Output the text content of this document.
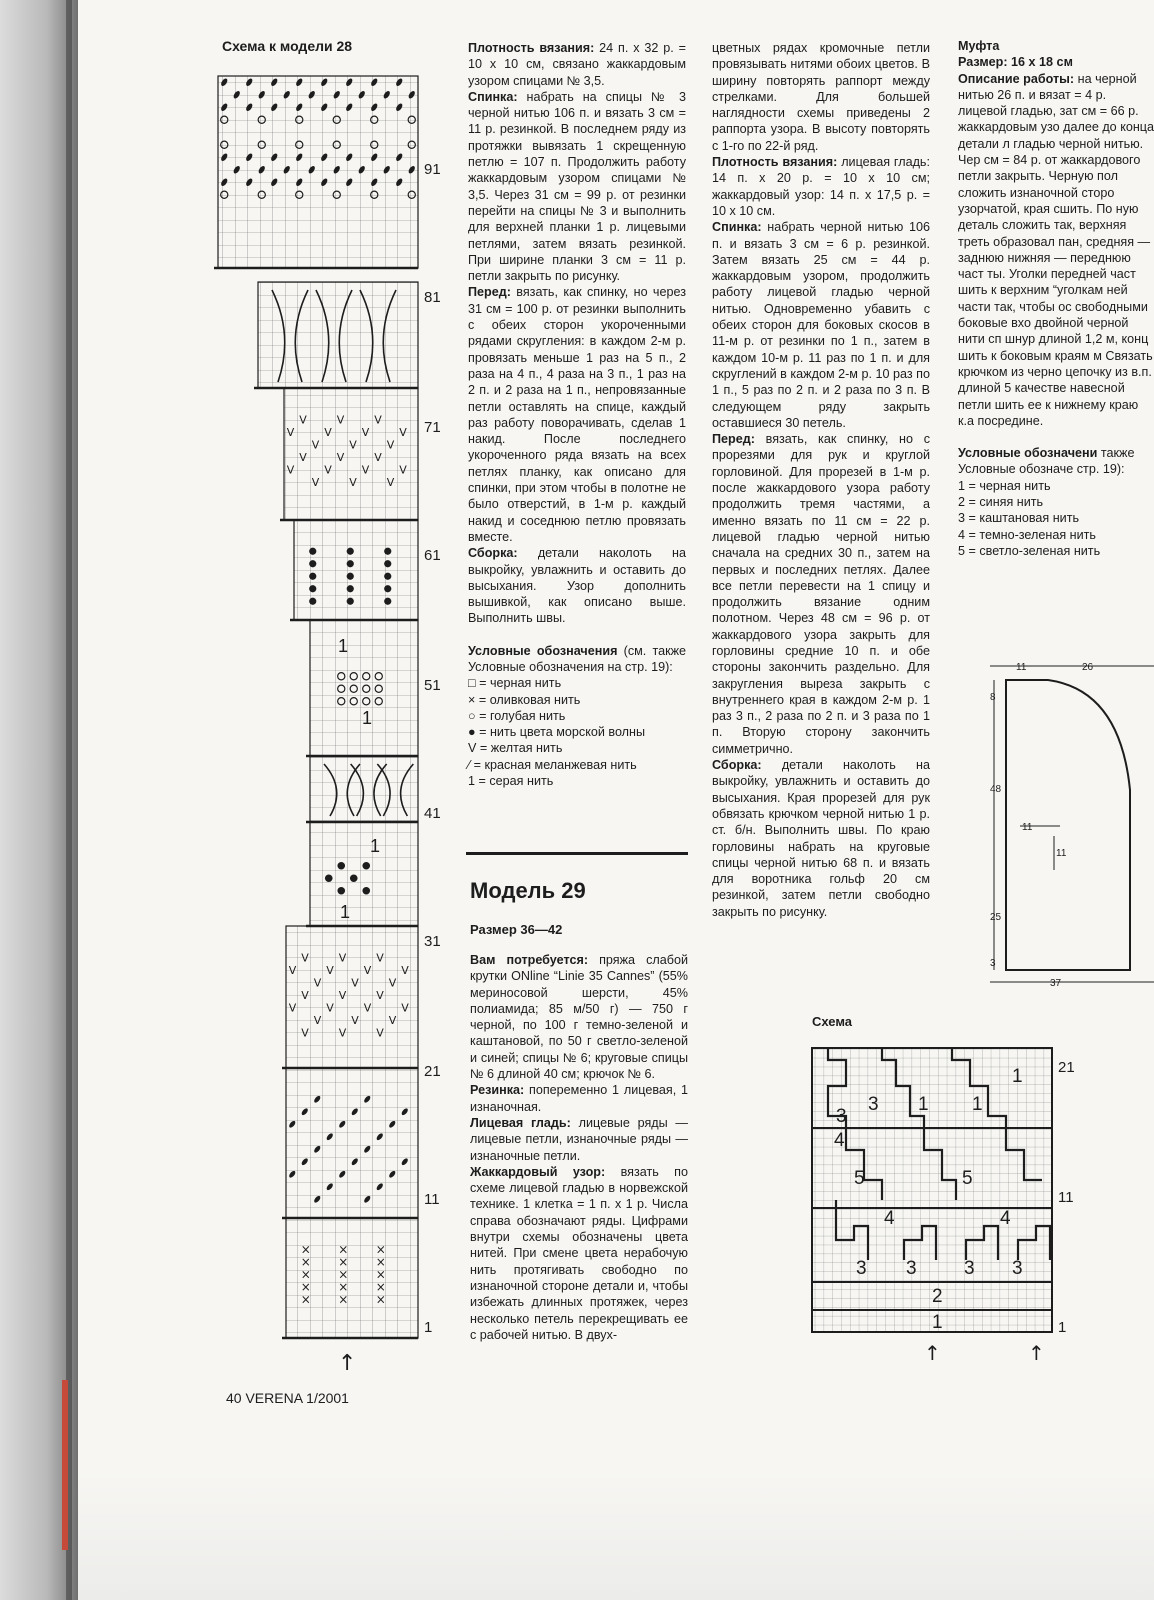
Схема к модели 28
V	V	V
V	V	V	V
V	V	V
V	V	V
V	V	V	V
V	V	V
V	V	V
V	V	V	V
V	V	V
V	V	V
V	V	V	V
V	V	V
V	V	V
× × ×
× × ×
× × ×
× × ×
× × ×
↑
91
81
71
61
51
41
31
21
11
1
1
1
1
1
40 VERENA 1/2001

Плотность вязания: 24 п. х 32 р. = 10 х 10 см, связано жаккардовым узором спицами № 3,5.

Спинка: набрать на спицы № 3 черной нитью 106 п. и вязать 3 см = 11 р. резинкой. В последнем ряду из протяжки вывязать 1 скрещенную петлю = 107 п. Продолжить работу жаккардовым узором спицами № 3,5. Через 31 см = 99 р. от резинки перейти на спицы № 3 и выполнить для верхней планки 1 р. лицевыми петлями, затем вязать резинкой. При ширине планки 3 см = 11 р. петли закрыть по рисунку.

Перед: вязать, как спинку, но через 31 см = 100 р. от резинки выполнить с обеих сторон укороченными рядами скругления: в каждом 2-м р. провязать меньше 1 раз на 5 п., 2 раза на 4 п., 4 раза на 3 п., 1 раз на 2 п. и 2 раза на 1 п., непровязанные петли оставлять на спице, каждый раз работу поворачивать, сделав 1 накид. После последнего укороченного ряда вязать на всех петлях планку, как описано для спинки, при этом чтобы в полотне не было отверстий, в 1-м р. каждый накид и соседнюю петлю провязать вместе.

Сборка: детали наколоть на выкройку, увлажнить и оставить до высыхания. Узор дополнить вышивкой, как описано выше. Выполнить швы.

Условные обозначения (см. также Условные обозначения на стр. 19):

□ = черная нить

× = оливковая нить

○ = голубая нить

● = нить цвета морской волны

V = желтая нить

⁄ = красная меланжевая нить

1 = серая нить

Модель 29
Размер 36—42

Вам потребуется: пряжа слабой крутки ONline “Linie 35 Cannes” (55% мериносовой шерсти, 45% полиамида; 85 м/50 г) — 750 г черной, по 100 г темно-зеленой и каштановой, по 50 г светло-зеленой и синей; спицы № 6; круговые спицы № 6 длиной 40 см; крючок № 6.

Резинка: попеременно 1 лицевая, 1 изнаночная.

Лицевая гладь: лицевые ряды — лицевые петли, изнаночные ряды — изнаночные петли.

Жаккардовый узор: вязать по схеме лицевой гладью в норвежской технике. 1 клетка = 1 п. х 1 р. Числа справа обозначают ряды. Цифрами внутри схемы обозначены цвета нитей. При смене цвета нерабочую нить протягивать свободно по изнаночной стороне детали и, чтобы избежать длинных протяжек, через несколько петель перекрещивать ее с рабочей нитью. В двух-

цветных рядах кромочные петли провязывать нитями обоих цветов. В ширину повторять раппорт между стрелками. Для большей наглядности схемы приведены 2 раппорта узора. В высоту повторять с 1-го по 22-й ряд.

Плотность вязания: лицевая гладь: 14 п. х 20 р. = 10 х 10 см; жаккардовый узор: 14 п. х 17,5 р. = 10 х 10 см.

Спинка: набрать черной нитью 106 п. и вязать 3 см = 6 р. резинкой. Затем вязать 25 см = 44 р. жаккардовым узором, продолжить работу лицевой гладью черной нитью. Одновременно убавить с обеих сторон для боковых скосов в 11-м р. от резинки по 1 п., затем в каждом 10-м р. 11 раз по 1 п. и для скруглений в каждом 2-м р. 10 раз по 1 п., 5 раз по 2 п. и 2 раза по 3 п. В следующем ряду закрыть оставшиеся 30 петель.

Перед: вязать, как спинку, но с прорезями для рук и круглой горловиной. Для прорезей в 1-м р. после жаккардового узора работу продолжить тремя частями, а именно вязать по 11 см = 22 р. лицевой гладью черной нитью сначала на средних 30 п., затем на первых и последних петлях. Далее все петли перевести на 1 спицу и продолжить вязание одним полотном. Через 48 см = 96 р. от жаккардового узора закрыть для горловины средние 10 п. и обе стороны закончить раздельно. Для закругления выреза закрыть с внутреннего края в каждом 2-м р. 1 раз 3 п., 2 раза по 2 п. и 3 раза по 1 п. Вторую сторону закончить симметрично.

Сборка: детали наколоть на выкройку, увлажнить и оставить до высыхания. Края прорезей для рук обвязать крючком черной нитью 1 р. ст. б/н. Выполнить швы. По краю горловины набрать на круговые спицы черной нитью 68 п. и вязать для воротника гольф 20 см резинкой, затем петли свободно закрыть по рисунку.

Муфта

Размер: 16 х 18 см

Описание работы: на черной нитью 26 п. и вязат = 4 р. лицевой гладью, зат см = 66 р. жаккардовым узо далее до конца детали л гладью черной нитью. Чер см = 84 р. от жаккардового петли закрыть. Черную пол сложить изнаночной сторо узорчатой, края сшить. По ную деталь сложить так, верхняя треть образовал пан, средняя — заднюю нижняя — переднюю част ты. Уголки передней част шить к верхним “уголкам ней части так, чтобы ос свободными боковые вхо двойной черной нити сп шнур длиной 1,2 м, конц шить к боковым краям м Связать крючком из черно цепочку из в.п. длиной 5 качестве навесной петли шить ее к нижнему краю к.а посредине.

Условные обозначени также Условные обозначе стр. 19):

1 = черная нить

2 = синяя нить

3 = каштановая нить

4 = темно-зеленая нить

5 = светло-зеленая нить

11	26
8
48
11
11
25
3
37
Схема
1
3 1
3
1
4
5	5
4	4
3 3 3 3
2
1
21
11
1
↑	↑
